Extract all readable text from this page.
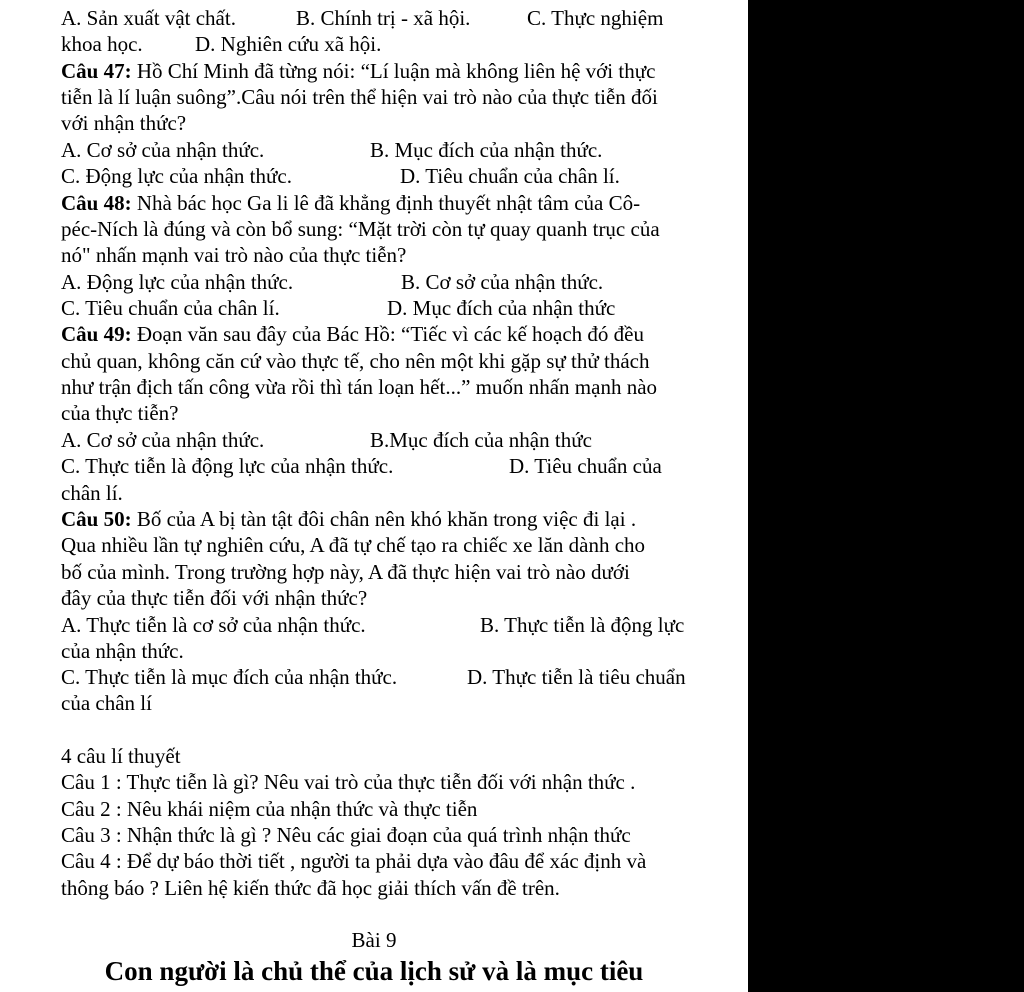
A. Sản xuất vật chất.	B. Chính trị - xã hội.	C. Thực nghiệm
khoa học. D. Nghiên cứu xã hội.
Câu 47: Hồ Chí Minh đã từng nói: “Lí luận mà không liên hệ với thực
tiễn là lí luận suông”.Câu nói trên thể hiện vai trò nào của thực tiễn đối
với nhận thức?
A. Cơ sở của nhận thức.	B. Mục đích của nhận thức.
C. Động lực của nhận thức.	D. Tiêu chuẩn của chân lí.
Câu 48: Nhà bác học Ga li lê đã khẳng định thuyết nhật tâm của Cô-
péc-Ních là đúng và còn bổ sung: “Mặt trời còn tự quay quanh trục của
nó" nhấn mạnh vai trò nào của thực tiễn?
A. Động lực của nhận thức.	B. Cơ sở của nhận thức.
C. Tiêu chuẩn của chân lí.	D. Mục đích của nhận thức
Câu 49: Đoạn văn sau đây của Bác Hồ: “Tiếc vì các kế hoạch đó đều
chủ quan, không căn cứ vào thực tế, cho nên một khi gặp sự thử thách
như trận địch tấn công vừa rồi thì tán loạn hết...” muốn nhấn mạnh nào
của thực tiễn?
A. Cơ sở của nhận thức.	B.Mục đích của nhận thức
C. Thực tiễn là động lực của nhận thức.	D. Tiêu chuẩn của
chân lí.
Câu 50: Bố của A bị tàn tật đôi chân nên khó khăn trong việc đi lại .
Qua nhiều lần tự nghiên cứu, A đã tự chế tạo ra chiếc xe lăn dành cho
bố của mình. Trong trường hợp này, A đã thực hiện vai trò nào dưới
đây của thực tiễn đối với nhận thức?
A. Thực tiễn là cơ sở của nhận thức.	B. Thực tiễn là động lực
của nhận thức.
C. Thực tiễn là mục đích của nhận thức.	D. Thực tiễn là tiêu chuẩn
của chân lí
4 câu lí thuyết
Câu 1 : Thực tiễn là gì? Nêu vai trò của thực tiễn đối với nhận thức .
Câu 2 : Nêu khái niệm của nhận thức và thực tiễn
Câu 3 : Nhận thức là gì ? Nêu các giai đoạn của quá trình nhận thức
Câu 4 : Để dự báo thời tiết , người ta phải dựa vào đâu để xác định và
thông báo ? Liên hệ kiến thức đã học giải thích vấn đề trên.
Bài 9
Con người là chủ thể của lịch sử và là mục tiêu
